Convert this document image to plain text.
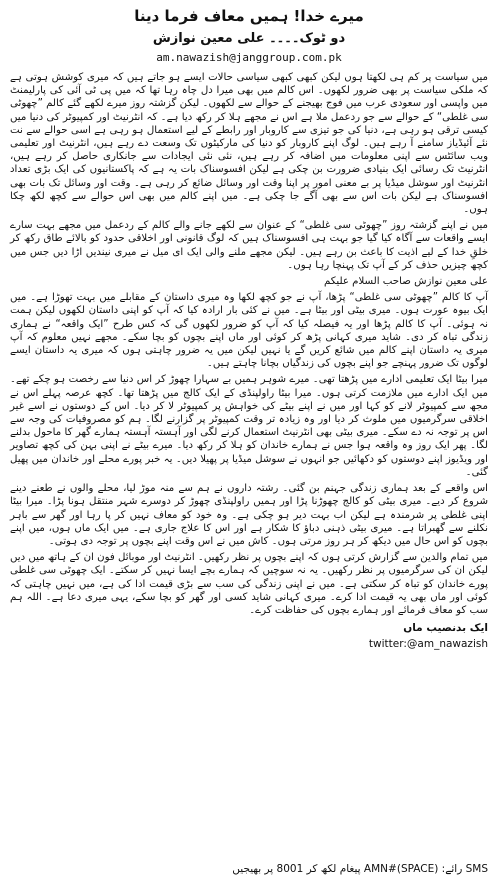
میرے خدا! ہمیں معاف فرما دینا
دو ٹوک۔۔۔۔ علی معین نوازش
am.nawazish@janggroup.com.pk

میں سیاست پر کم ہی لکھتا ہوں لیکن کبھی کبھی سیاسی حالات ایسے ہو جاتے ہیں کہ میری کوشش ہوتی ہے کہ ملکی سیاست پر بھی ضرور لکھوں۔ اس کالم میں بھی میرا دل چاہ رہا تھا کہ میں پی ٹی آئی کی پارلیمنٹ میں واپسی اور سعودی عرب میں فوج بھیجنے کے حوالے سے لکھوں۔ لیکن گزشتہ روز میرے لکھے گئے کالم ”چھوٹی سی غلطی“ کے حوالے سے جو ردعمل ملا ہے اس نے مجھے ہلا کر رکھ دیا ہے۔ کہ انٹرنیٹ اور کمپیوٹر کی دنیا میں کیسی ترقی ہو رہی ہے، دنیا کی جو تیزی سے کاروبار اور رابطے کے لیے استعمال ہو رہی ہے اسی حوالے سے نت نئے آئیڈیاز سامنے آ رہے ہیں۔ لوگ اپنے کاروبار کو دنیا کی مارکیٹوں تک وسعت دے رہے ہیں، انٹرنیٹ اور تعلیمی ویب سائٹس سے اپنی معلومات میں اضافہ کر رہے ہیں، نئی نئی ایجادات سے جانکاری حاصل کر رہے ہیں، انٹرنیٹ تک رسائی ایک بنیادی ضرورت بن چکی ہے لیکن افسوسناک بات یہ ہے کہ پاکستانیوں کی ایک بڑی تعداد انٹرنیٹ اور سوشل میڈیا پر بے معنی امور پر اپنا وقت اور وسائل ضائع کر رہی ہے۔ وقت اور وسائل تک بات بھی افسوسناک ہے لیکن بات اس سے بھی آگے جا چکی ہے۔ میں اپنے کالم میں بھی اس حوالے سے کچھ لکھ چکا ہوں۔

میں نے اپنے گزشتہ روز ”چھوٹی سی غلطی“ کے عنوان سے لکھے جانے والے کالم کے ردعمل میں مجھے بہت سارے ایسے واقعات سے آگاہ کیا گیا جو بہت ہی افسوسناک ہیں کہ لوگ قانونی اور اخلاقی حدود کو بالائے طاق رکھ کر خلقِ خدا کے لیے اذیت کا باعث بن رہے ہیں۔ لیکن مجھے ملنے والی ایک ای میل نے میری نیندیں اڑا دیں جس میں کچھ چیزیں حذف کر کے آپ تک پہنچا رہا ہوں۔

علی معین نوازش صاحب السلام علیکم

آپ کا کالم ”چھوٹی سی غلطی“ پڑھا، آپ نے جو کچھ لکھا وہ میری داستان کے مقابلے میں بہت تھوڑا ہے۔ میں ایک بیوہ عورت ہوں۔ میری بیٹی اور بیٹا ہے۔ میں نے کئی بار ارادہ کیا کہ آپ کو اپنی داستان لکھوں لیکن ہمت نہ ہوئی۔ آپ کا کالم پڑھا اور یہ فیصلہ کیا کہ آپ کو ضرور لکھوں گی کہ کس طرح ”ایک واقعہ“ نے ہماری زندگی تباہ کر دی۔ شاید میری کہانی پڑھ کر کوئی اور ماں اپنے بچوں کو بچا سکے۔ مجھے نہیں معلوم کہ آپ میری یہ داستان اپنے کالم میں شائع کریں گے یا نہیں لیکن میں یہ ضرور چاہتی ہوں کہ میری یہ داستان ایسے لوگوں تک ضرور پہنچے جو اپنے بچوں کی زندگیاں بچانا چاہتے ہیں۔

میرا بیٹا ایک تعلیمی ادارے میں پڑھتا تھی۔ میرے شوہر ہمیں بے سہارا چھوڑ کر اس دنیا سے رخصت ہو چکے تھے۔ میں ایک ادارے میں ملازمت کرتی ہوں۔ میرا بیٹا راولپنڈی کے ایک کالج میں پڑھتا تھا۔ کچھ عرصہ پہلے اس نے مجھ سے کمپیوٹر لانے کو کہا اور میں نے اپنے بیٹے کی خواہش پر کمپیوٹر لا کر دیا۔ اس کے دوستوں نے اسے غیر اخلاقی سرگرمیوں میں ملوث کر دیا اور وہ زیادہ تر وقت کمپیوٹر پر گزارنے لگا۔ ہم کو مصروفیات کی وجہ سے اس پر توجہ نہ دے سکے۔ میری بیٹی بھی انٹرنیٹ استعمال کرنے لگی اور آہستہ آہستہ ہمارے گھر کا ماحول بدلنے لگا۔ پھر ایک روز وہ واقعہ ہوا جس نے ہمارے خاندان کو ہلا کر رکھ دیا۔ میرے بیٹے نے اپنی بہن کی کچھ تصاویر اور ویڈیوز اپنے دوستوں کو دکھائیں جو انہوں نے سوشل میڈیا پر پھیلا دیں۔ یہ خبر پورے محلے اور خاندان میں پھیل گئی۔

اس واقعے کے بعد ہماری زندگی جہنم بن گئی۔ رشتہ داروں نے ہم سے منہ موڑ لیا، محلے والوں نے طعنے دینے شروع کر دیے۔ میری بیٹی کو کالج چھوڑنا پڑا اور ہمیں راولپنڈی چھوڑ کر دوسرے شہر منتقل ہونا پڑا۔ میرا بیٹا اپنی غلطی پر شرمندہ ہے لیکن اب بہت دیر ہو چکی ہے۔ وہ خود کو معاف نہیں کر پا رہا اور گھر سے باہر نکلنے سے گھبراتا ہے۔ میری بیٹی ذہنی دباؤ کا شکار ہے اور اس کا علاج جاری ہے۔ میں ایک ماں ہوں، میں اپنے بچوں کو اس حال میں دیکھ کر ہر روز مرتی ہوں۔ کاش میں نے اس وقت اپنے بچوں پر توجہ دی ہوتی۔

میں تمام والدین سے گزارش کرتی ہوں کہ اپنے بچوں پر نظر رکھیں۔ انٹرنیٹ اور موبائل فون ان کے ہاتھ میں دیں لیکن ان کی سرگرمیوں پر نظر رکھیں۔ یہ نہ سوچیں کہ ہمارے بچے ایسا نہیں کر سکتے۔ ایک چھوٹی سی غلطی پورے خاندان کو تباہ کر سکتی ہے۔ میں نے اپنی زندگی کی سب سے بڑی قیمت ادا کی ہے، میں نہیں چاہتی کہ کوئی اور ماں بھی یہ قیمت ادا کرے۔ میری کہانی شاید کسی اور گھر کو بچا سکے، یہی میری دعا ہے۔ اللہ ہم سب کو معاف فرمائے اور ہمارے بچوں کی حفاظت کرے۔

ایک بدنصیب ماں
twitter:@am_nawazish
SMS رائے: (SPACE)#AMN پیغام لکھ کر 8001 پر بھیجیں
